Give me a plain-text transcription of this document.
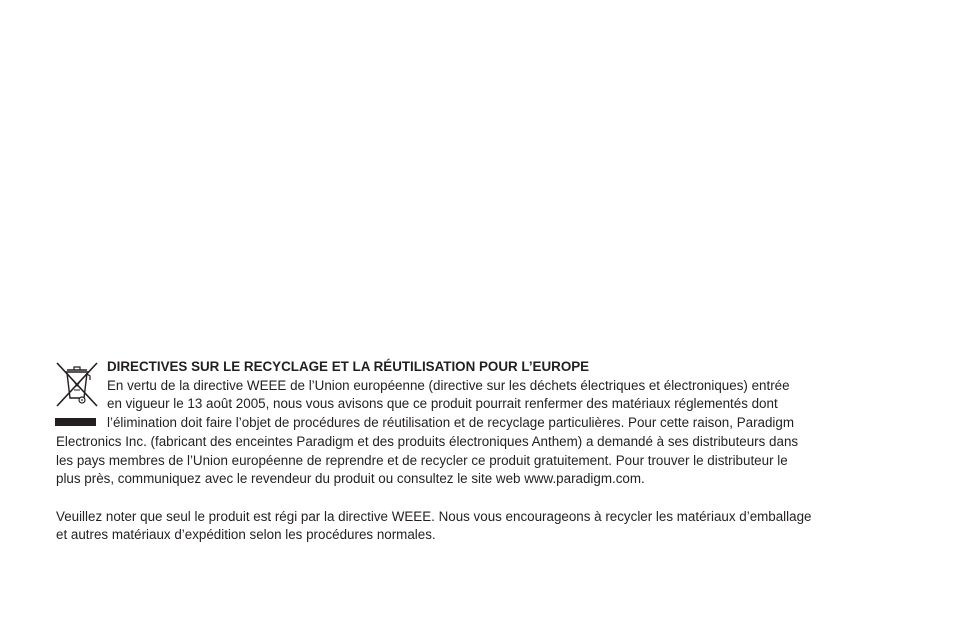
DIRECTIVES SUR LE RECYCLAGE ET LA RÉUTILISATION POUR L’EUROPE

En vertu de la directive WEEE de l’Union européenne (directive sur les déchets électriques et électroniques) entrée
en vigueur le 13 août 2005, nous vous avisons que ce produit pourrait renfermer des matériaux réglementés dont
l’élimination doit faire l’objet de procédures de réutilisation et de recyclage particulières. Pour cette raison, Paradigm
Electronics Inc. (fabricant des enceintes Paradigm et des produits électroniques Anthem) a demandé à ses distributeurs dans
les pays membres de l’Union européenne de reprendre et de recycler ce produit gratuitement. Pour trouver le distributeur le
plus près, communiquez avec le revendeur du produit ou consultez le site web www.paradigm.com.

Veuillez noter que seul le produit est régi par la directive WEEE. Nous vous encourageons à recycler les matériaux d’emballage
et autres matériaux d’expédition selon les procédures normales.
